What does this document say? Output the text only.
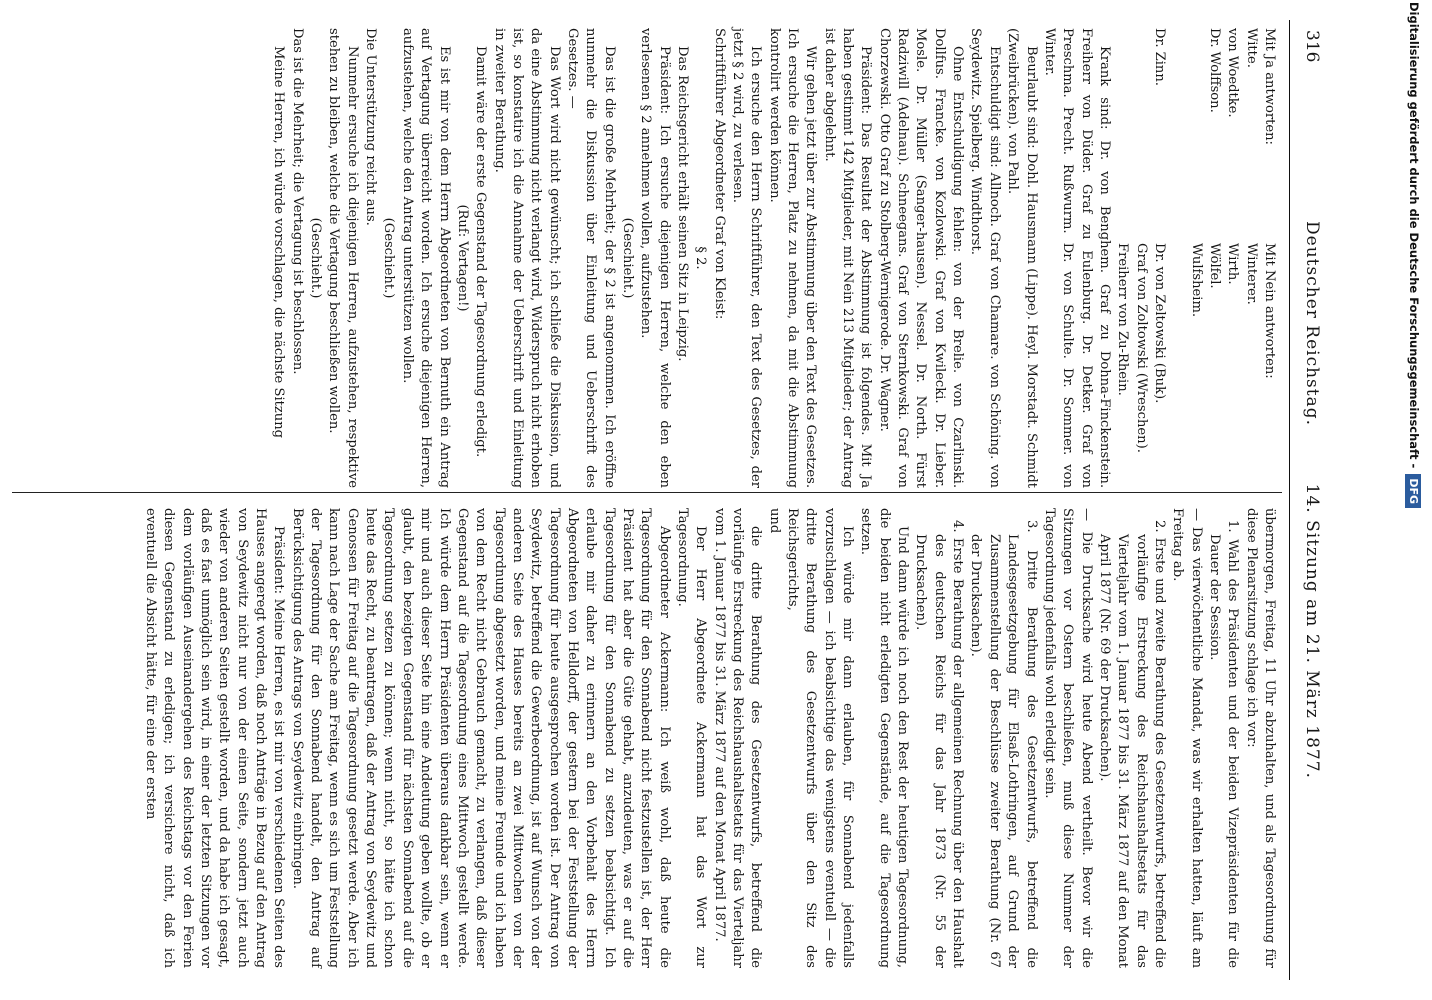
316
Deutscher Reichstag.         14. Sitzung am 21. März 1877.

Mit Ja antworten:

Witte.

von Woedtke.

Dr. Wolffson.

Dr. Zinn.

Mit Nein antworten:

Winterer.

Wirth.

Wölfel.

Wulfsheim.

Dr. von Zeltowski (Buk).

Graf von Zoltowski (Wreschen).

Freiherr von Zu-Rhein.

Krank sind: Dr. von Benghem. Graf zu Dohna-Finckenstein. Freiherr von Düder. Graf zu Eulenburg. Dr. Detker. Graf von Preschma. Precht. Rußwurm. Dr. von Schulte. Dr. Sommer. von Winter.

Beurlaubt sind: Dohl. Hausmann (Lippe). Heyl. Morstadt. Schmidt (Zweibrücken). von Pahl.

Entschuldigt sind: Allnoch. Graf von Chamare. von Schöning. von Seydewitz. Spielberg. Windthorst.

Ohne Entschuldigung fehlen: von der Brelie. von Czarlinski. Dollfus. Francke. von Kozlowski. Graf von Kwilecki. Dr. Lieber. Mosle. Dr. Müller (Sanger-hausen). Nessel. Dr. North. Fürst Radziwill (Adelnau). Schneegans. Graf von Sternkowski. Graf von Chorzewski. Otto Graf zu Stolberg-Wernigerode. Dr. Wagner.

Präsident: Das Resultat der Abstimmung ist folgendes. Mit Ja haben gestimmt 142 Mitglieder, mit Nein 213 Mitglieder; der Antrag ist daher abgelehnt.

Wir gehen jetzt über zur Abstimmung über den Text des Gesetzes. Ich ersuche die Herren, Platz zu nehmen, da mit die Abstimmung kontrolirt werden können.

Ich ersuche den Herrn Schriftführer, den Text des Gesetzes, der jetzt § 2 wird, zu verlesen.

Schriftführer Abgeordneter Graf von Kleist:

§ 2.

Das Reichsgericht erhält seinen Sitz in Leipzig.

Präsident: Ich ersuche diejenigen Herren, welche den eben verlesenen § 2 annehmen wollen, aufzustehen.

(Geschieht.)

Das ist die große Mehrheit; der § 2 ist angenommen. Ich eröffne nunmehr die Diskussion über Einleitung und Ueberschrift des Gesetzes. —

Das Wort wird nicht gewünscht; ich schließe die Diskussion, und da eine Abstimmung nicht verlangt wird, Widerspruch nicht erhoben ist, so konstatire ich die Annahme der Ueberschrift und Einleitung in zweiter Berathung.

Damit wäre der erste Gegenstand der Tagesordnung erledigt.

(Ruf: Vertagen!)

Es ist mir von dem Herrn Abgeordneten von Bernuth ein Antrag auf Vertagung überreicht worden. Ich ersuche diejenigen Herren, aufzustehen, welche den Antrag unterstützen wollen.

(Geschieht.)

Die Unterstützung reicht aus.

Nunmehr ersuche ich diejenigen Herren, aufzustehen, respektive stehen zu bleiben, welche die Vertagung beschließen wollen.

(Geschieht.)

Das ist die Mehrheit; die Vertagung ist beschlossen.

Meine Herren, ich würde vorschlagen, die nächste Sitzung

übermorgen, Freitag, 11 Uhr abzuhalten, und als Tagesordnung für diese Plenarsitzung schlage ich vor:

1. Wahl des Präsidenten und der beiden Vizepräsidenten für die Dauer der Session.

— Das vierwöchentliche Mandat, was wir erhalten hatten, läuft am Freitag ab.

2. Erste und zweite Berathung des Gesetzentwurfs, betreffend die vorläufige Erstreckung des Reichshaushaltsetats für das Vierteljahr vom 1. Januar 1877 bis 31. März 1877 auf den Monat April 1877 (Nr. 69 der Drucksachen).

— Die Drucksache wird heute Abend vertheilt. Bevor wir die Sitzungen vor Ostern beschließen, muß diese Nummer der Tagesordnung jedenfalls wohl erledigt sein.

3. Dritte Berathung des Gesetzentwurfs, betreffend die Landesgesetzgebung für Elsaß-Lothringen, auf Grund der Zusammenstellung der Beschlüsse zweiter Berathung (Nr. 67 der Drucksachen).

4. Erste Berathung der allgemeinen Rechnung über den Haushalt des deutschen Reichs für das Jahr 1873 (Nr. 55 der Drucksachen).

Und dann würde ich noch den Rest der heutigen Tagesordnung, die beiden nicht erledigten Gegenstände, auf die Tagesordnung setzen.

Ich würde mir dann erlauben, für Sonnabend jedenfalls vorzuschlagen — ich beabsichtige das wenigstens eventuell — die dritte Berathung des Gesetzentwurfs über den Sitz des Reichsgerichts,

und

die dritte Berathung des Gesetzentwurfs, betreffend die vorläufige Erstreckung des Reichshaushaltsetats für das Vierteljahr vom 1. Januar 1877 bis 31. März 1877 auf den Monat April 1877.

Der Herr Abgeordnete Ackermann hat das Wort zur Tagesordnung.

Abgeordneter Ackermann: Ich weiß wohl, daß heute die Tagesordnung für den Sonnabend nicht festzustellen ist, der Herr Präsident hat aber die Güte gehabt, anzudeuten, was er auf die Tagesordnung für den Sonnabend zu setzen beabsichtigt. Ich erlaube mir daher zu erinnern an den Vorbehalt des Herrn Abgeordneten von Helldorff, der gestern bei der Feststellung der Tagesordnung für heute ausgesprochen worden ist. Der Antrag von Seydewitz, betreffend die Gewerbeordnung, ist auf Wunsch von der anderen Seite des Hauses bereits an zwei Mittwochen von der Tagesordnung abgesetzt worden, und meine Freunde und ich haben von dem Recht nicht Gebrauch gemacht, zu verlangen, daß dieser Gegenstand auf die Tagesordnung eines Mittwoch gestellt werde. Ich würde dem Herrn Präsidenten überaus dankbar sein, wenn er mir und auch dieser Seite hin eine Andeutung geben wollte, ob er glaubt, den bezeigten Gegenstand für nächsten Sonnabend auf die Tagesordnung setzen zu können; wenn nicht, so hätte ich schon heute das Recht, zu beantragen, daß der Antrag von Seydewitz und Genossen für Freitag auf die Tagesordnung gesetzt werde. Aber ich kann nach Lage der Sache am Freitag, wenn es sich um Feststellung der Tagesordnung für den Sonnabend handelt, den Antrag auf Berücksichtigung des Antrags von Seydewitz einbringen.

Präsident: Meine Herren, es ist mir von verschiedenen Seiten des Hauses angeregt worden, daß noch Anträge in Bezug auf den Antrag von Seydewitz nicht nur von der einen Seite, sondern jetzt auch wieder von anderen Seiten gestellt worden, und da habe ich gesagt, daß es fast unmöglich sein wird, in einer der letzten Sitzungen vor dem vorläufigen Auseinandergehen des Reichstags vor den Ferien diesen Gegenstand zu erledigen; ich versichere nicht, daß ich eventuell die Absicht hätte, für eine der ersten

Digitalisierung gefördert durch die Deutsche Forschungsgemeinschaft -DFG
